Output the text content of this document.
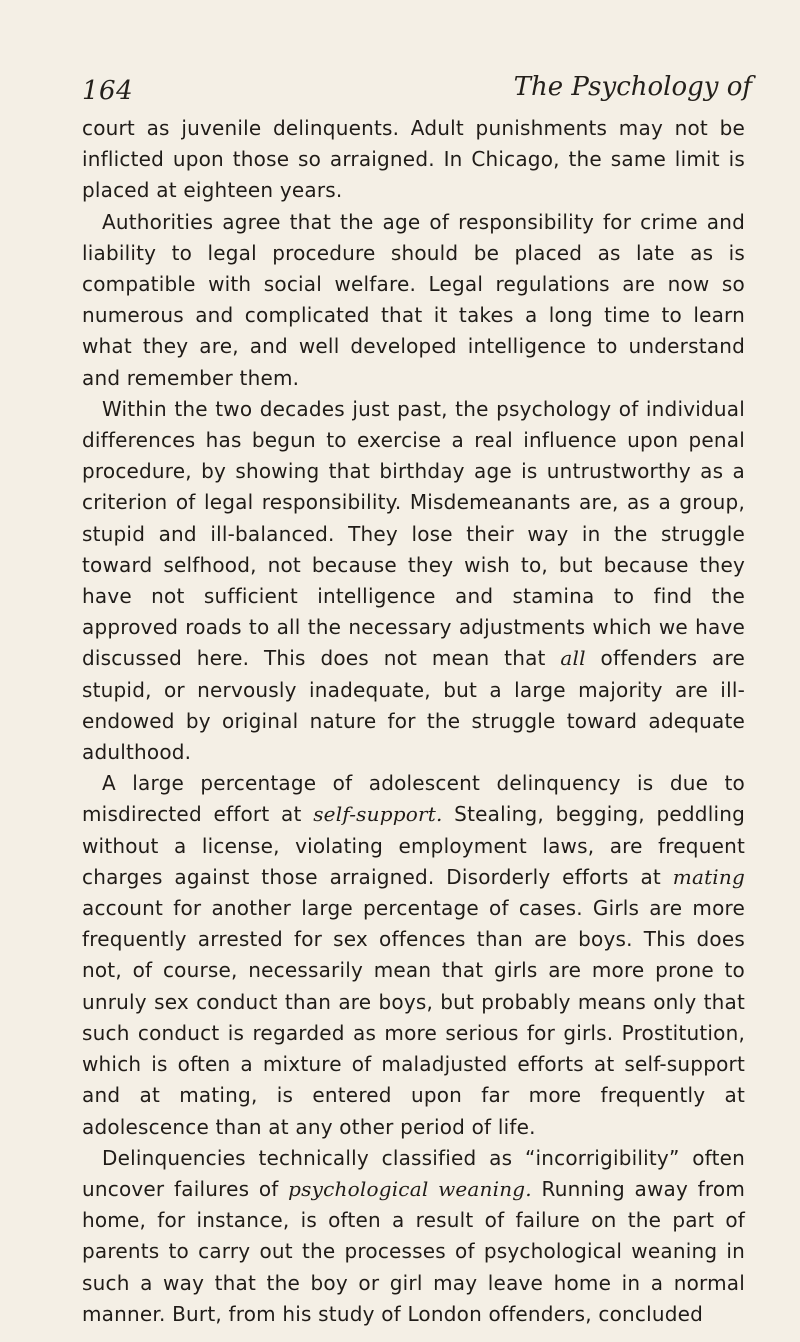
164	The Psychology of

court as juvenile delinquents. Adult punishments may not be inflicted upon those so arraigned. In Chicago, the same limit is placed at eighteen years.

Authorities agree that the age of responsibility for crime and liability to legal procedure should be placed as late as is compatible with social welfare. Legal regulations are now so numerous and complicated that it takes a long time to learn what they are, and well developed intelligence to understand and remember them.

Within the two decades just past, the psychology of individual differences has begun to exercise a real influence upon penal procedure, by showing that birthday age is untrustworthy as a criterion of legal responsibility. Misdemeanants are, as a group, stupid and ill-balanced. They lose their way in the struggle toward selfhood, not because they wish to, but because they have not sufficient intelligence and stamina to find the approved roads to all the necessary adjustments which we have discussed here. This does not mean that all offenders are stupid, or nervously inadequate, but a large majority are ill-endowed by original nature for the struggle toward adequate adulthood.

A large percentage of adolescent delinquency is due to misdirected effort at self-support. Stealing, begging, peddling without a license, violating employment laws, are frequent charges against those arraigned. Disorderly efforts at mating account for another large percentage of cases. Girls are more frequently arrested for sex offences than are boys. This does not, of course, necessarily mean that girls are more prone to unruly sex conduct than are boys, but probably means only that such conduct is regarded as more serious for girls. Prostitution, which is often a mixture of maladjusted efforts at self-support and at mating, is entered upon far more frequently at adolescence than at any other period of life.

Delinquencies technically classified as “incorrigibility” often uncover failures of psychological weaning. Running away from home, for instance, is often a result of failure on the part of parents to carry out the processes of psychological weaning in such a way that the boy or girl may leave home in a normal manner. Burt, from his study of London offenders, concluded
